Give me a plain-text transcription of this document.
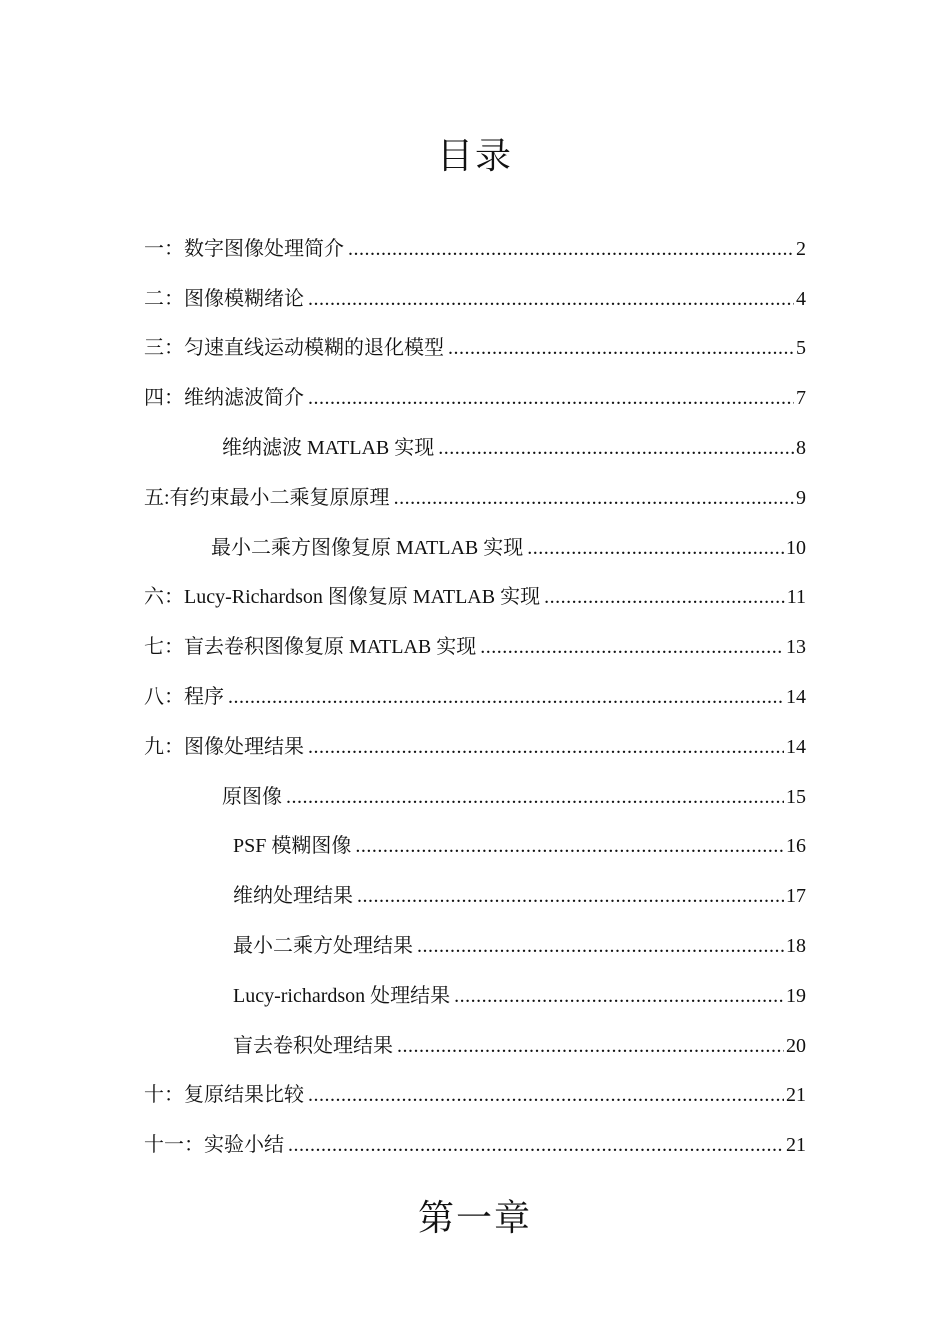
目录
一：数字图像处理简介 .....	2
二：图像模糊绪论 .....	4
三：匀速直线运动模糊的退化模型 .....	5
四：维纳滤波简介 .....	7
维纳滤波 MATLAB 实现 .....	8
五:有约束最小二乘复原原理 .....	9
最小二乘方图像复原 MATLAB 实现 .....	10
六：Lucy-Richardson 图像复原 MATLAB 实现 .....	11
七：盲去卷积图像复原 MATLAB 实现 .....	13
八：程序 .....	14
九：图像处理结果 .....	14
原图像 .....	15
PSF 模糊图像 .....	16
维纳处理结果 .....	17
最小二乘方处理结果 .....	18
Lucy-richardson 处理结果 .....	19
盲去卷积处理结果 .....	20
十：复原结果比较 .....	21
十一：实验小结 .....	21
第一章
